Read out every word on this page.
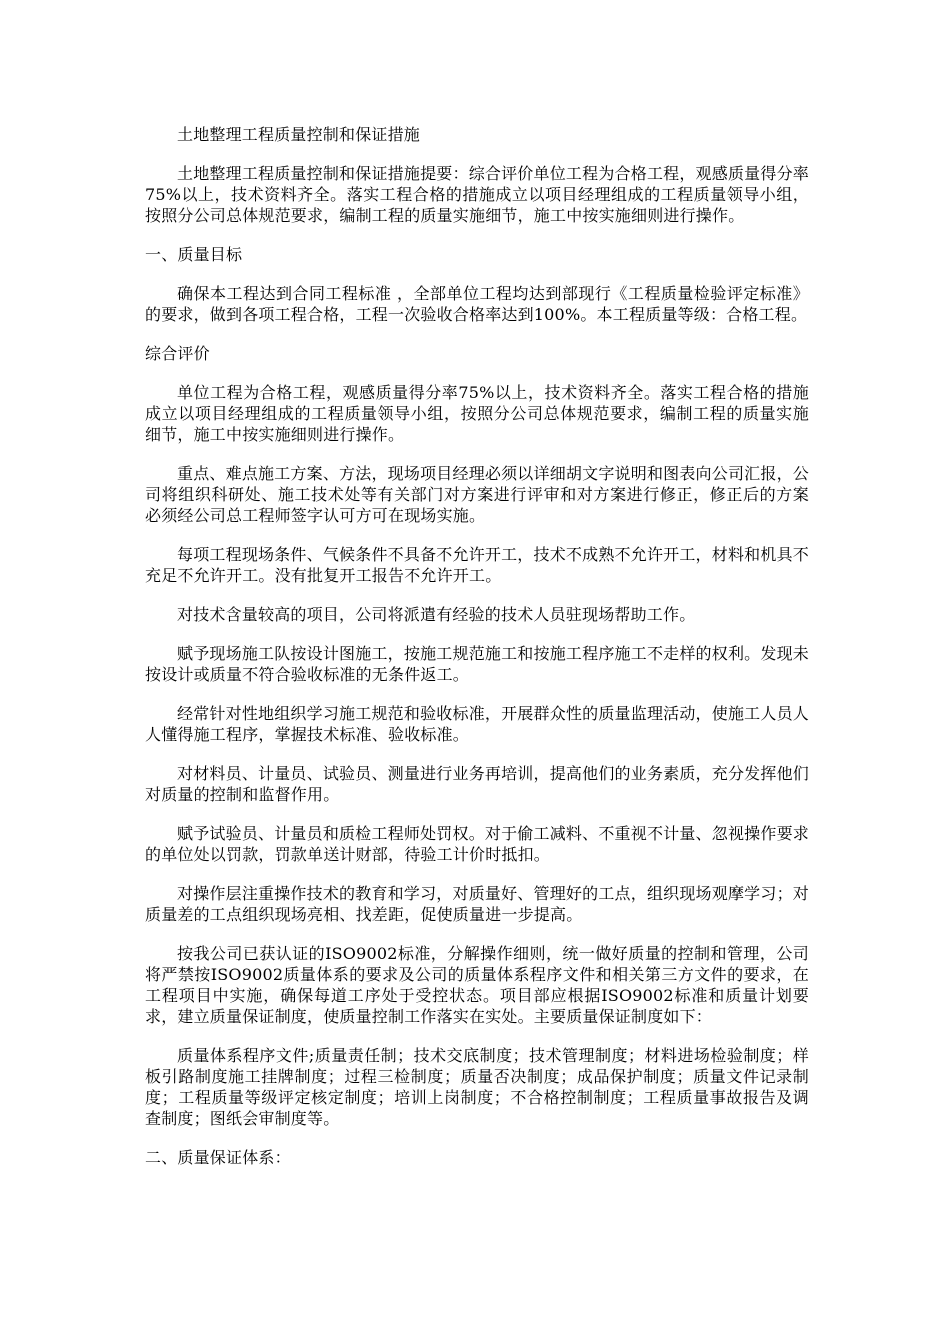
土地整理工程质量控制和保证措施

土地整理工程质量控制和保证措施提要：综合评价单位工程为合格工程，观感质量得分率75%以上，技术资料齐全。落实工程合格的措施成立以项目经理组成的工程质量领导小组，按照分公司总体规范要求，编制工程的质量实施细节，施工中按实施细则进行操作。

一、质量目标

确保本工程达到合同工程标准 ，全部单位工程均达到部现行《工程质量检验评定标准》的要求，做到各项工程合格，工程一次验收合格率达到100%。本工程质量等级：合格工程。

综合评价

单位工程为合格工程，观感质量得分率75%以上，技术资料齐全。落实工程合格的措施成立以项目经理组成的工程质量领导小组，按照分公司总体规范要求，编制工程的质量实施细节，施工中按实施细则进行操作。

重点、难点施工方案、方法，现场项目经理必须以详细胡文字说明和图表向公司汇报，公司将组织科研处、施工技术处等有关部门对方案进行评审和对方案进行修正，修正后的方案必须经公司总工程师签字认可方可在现场实施。

每项工程现场条件、气候条件不具备不允许开工，技术不成熟不允许开工，材料和机具不充足不允许开工。没有批复开工报告不允许开工。

对技术含量较高的项目，公司将派遣有经验的技术人员驻现场帮助工作。

赋予现场施工队按设计图施工，按施工规范施工和按施工程序施工不走样的权利。发现未按设计或质量不符合验收标准的无条件返工。

经常针对性地组织学习施工规范和验收标准，开展群众性的质量监理活动，使施工人员人人懂得施工程序，掌握技术标准、验收标准。

对材料员、计量员、试验员、测量进行业务再培训，提高他们的业务素质，充分发挥他们对质量的控制和监督作用。

赋予试验员、计量员和质检工程师处罚权。对于偷工减料、不重视不计量、忽视操作要求的单位处以罚款，罚款单送计财部，待验工计价时抵扣。

对操作层注重操作技术的教育和学习，对质量好、管理好的工点，组织现场观摩学习；对质量差的工点组织现场亮相、找差距，促使质量进一步提高。

按我公司已获认证的ISO9002标准，分解操作细则，统一做好质量的控制和管理，公司将严禁按ISO9002质量体系的要求及公司的质量体系程序文件和相关第三方文件的要求，在工程项目中实施，确保每道工序处于受控状态。项目部应根据ISO9002标准和质量计划要求，建立质量保证制度，使质量控制工作落实在实处。主要质量保证制度如下：

质量体系程序文件;质量责任制；技术交底制度；技术管理制度；材料进场检验制度；样板引路制度施工挂牌制度；过程三检制度；质量否决制度；成品保护制度；质量文件记录制度；工程质量等级评定核定制度；培训上岗制度；不合格控制制度；工程质量事故报告及调查制度；图纸会审制度等。

二、质量保证体系：
